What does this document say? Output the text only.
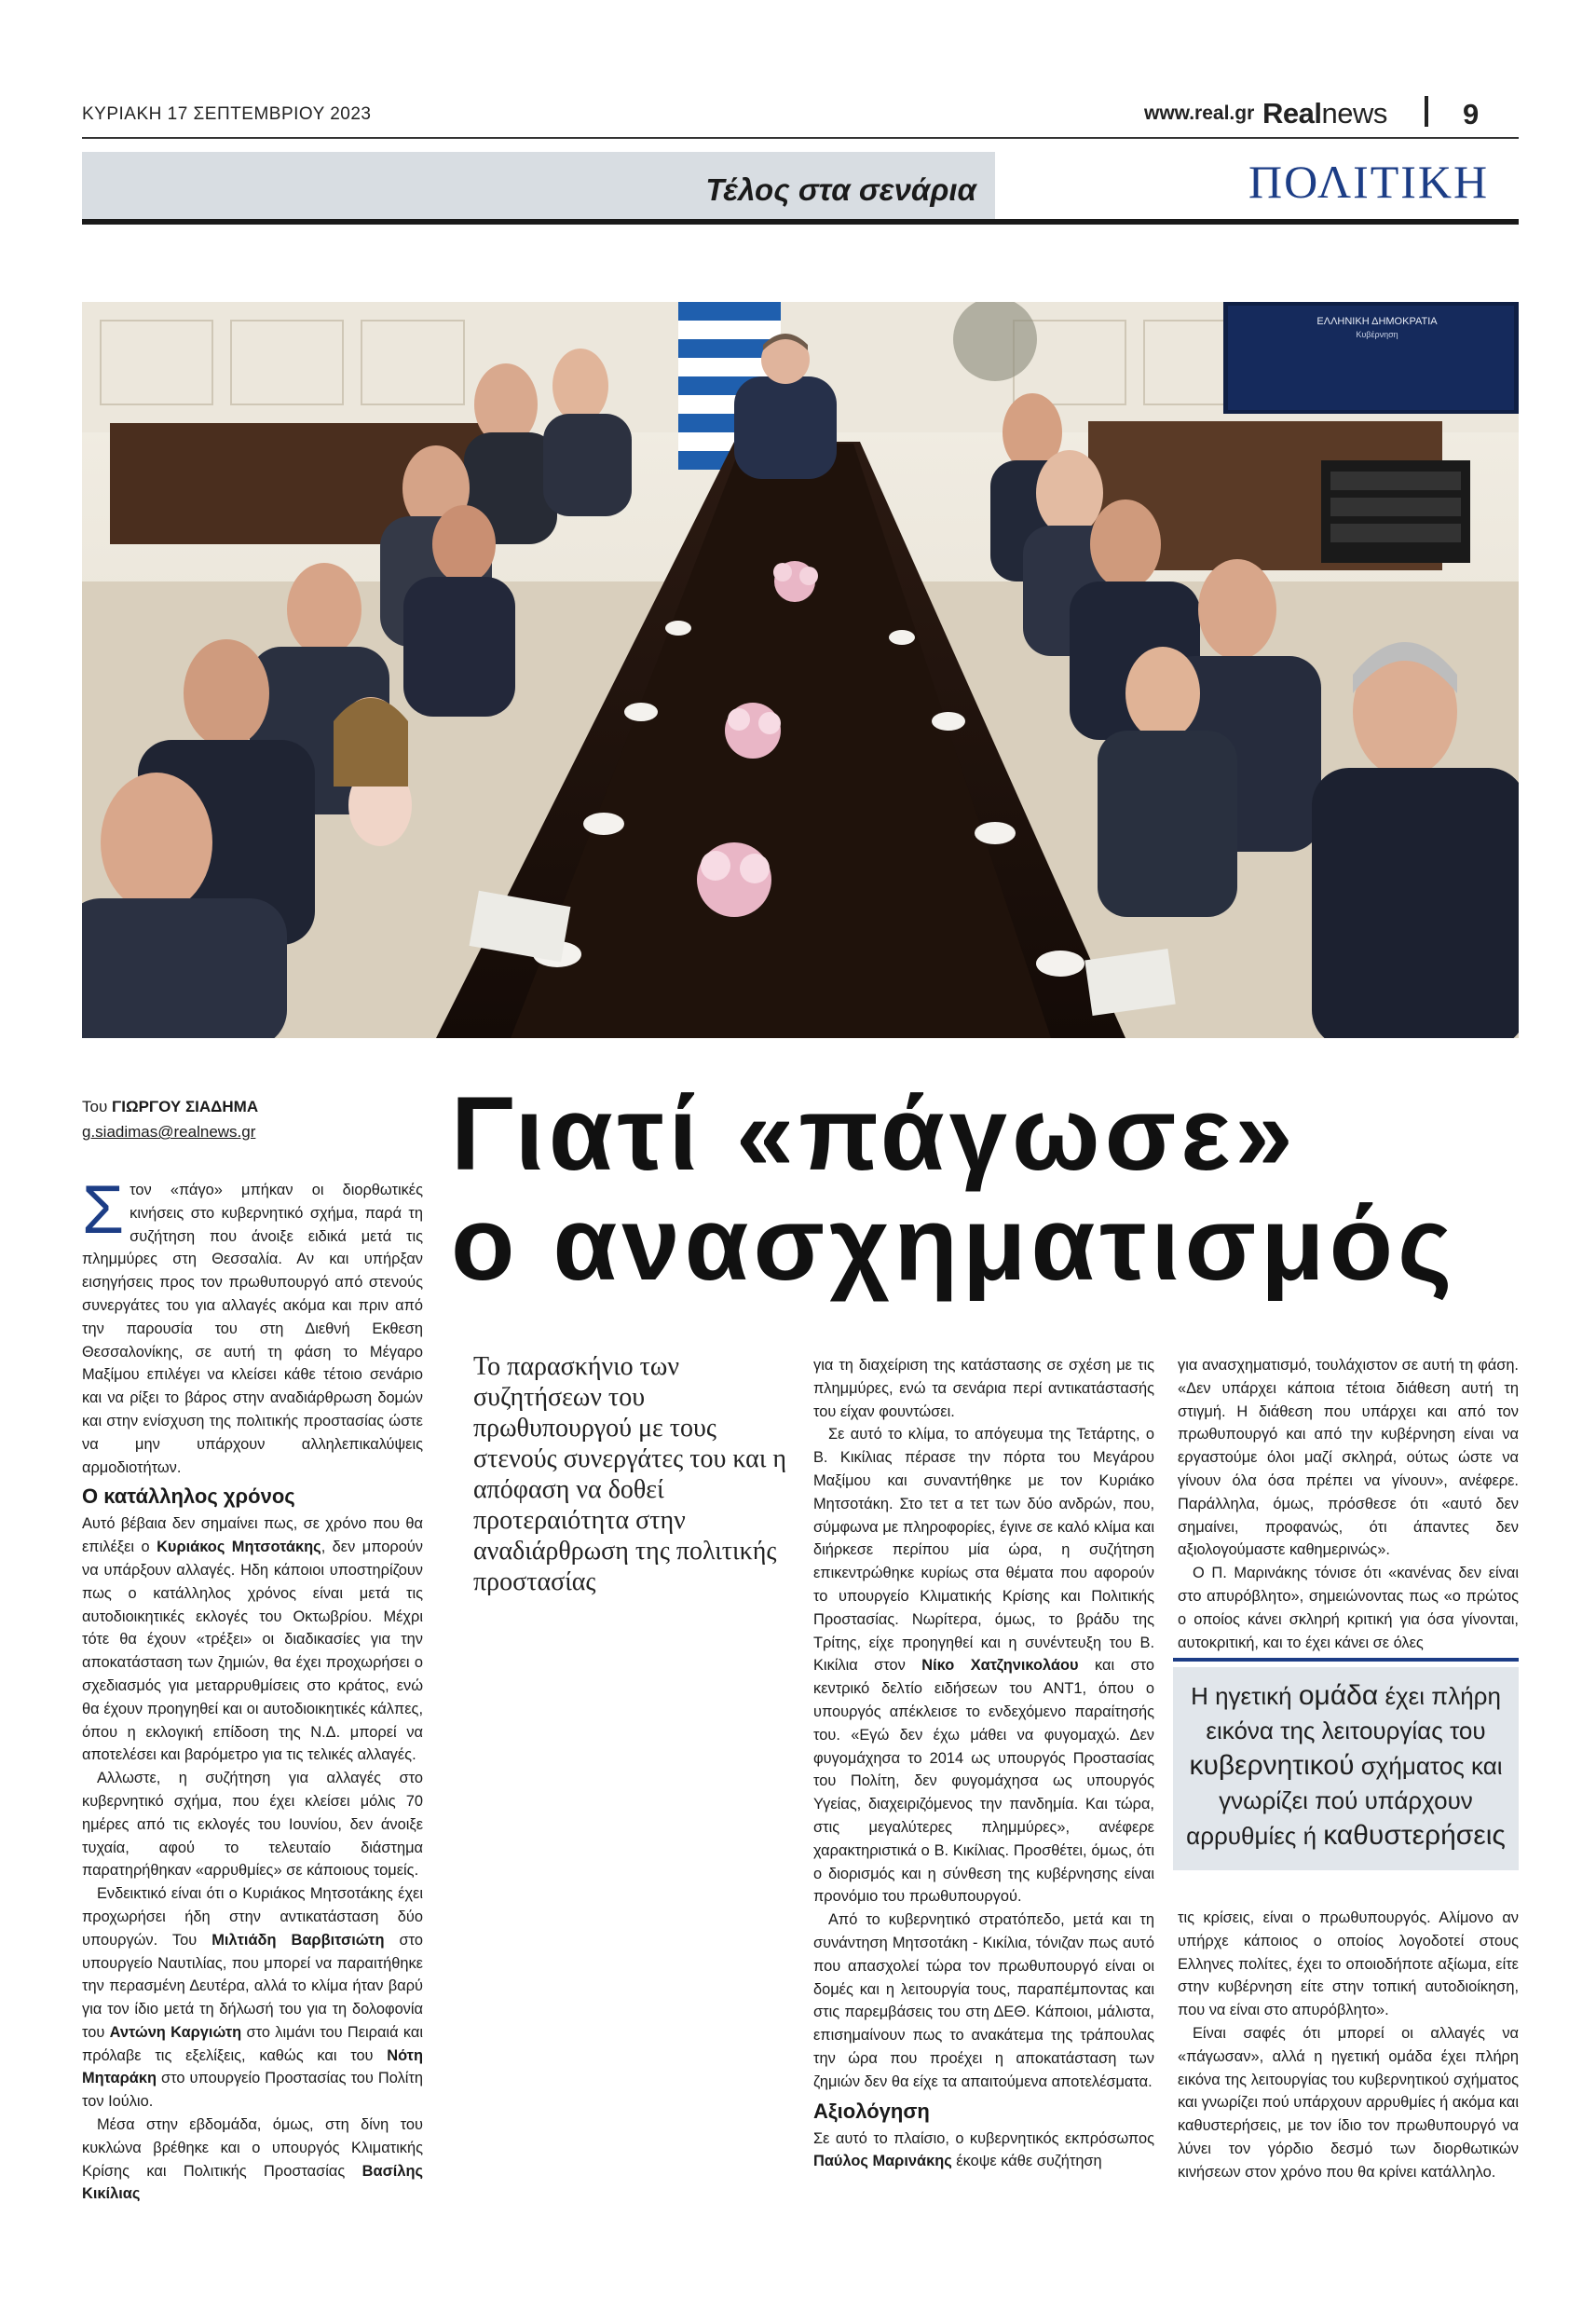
ΚΥΡΙΑΚΗ 17 ΣΕΠΤΕΜΒΡΙΟΥ 2023	www.real.gr Realnews	9
Τέλος στα σενάρια	ΠΟΛΙΤΙΚΗ
ΕΛΛΗΝΙΚΗ ΔΗΜΟΚΡΑΤΙΑ
Κυβέρνηση
Του ΓΙΩΡΓΟΥ ΣΙΑΔΗΜΑ
g.siadimas@realnews.gr Γιατί «πάγωσε»
ο ανασχηματισμός
Το παρασκήνιο των συζητήσεων του πρωθυπουργού με τους στενούς συνεργάτες του και η απόφαση να δοθεί προτεραιότητα στην αναδιάρθρωση της πολιτικής προστασίας

Στον «πάγο» μπήκαν οι διορθωτικές κινήσεις στο κυβερνητικό σχήμα, παρά τη συζήτηση που άνοιξε ειδικά μετά τις πλημμύρες στη Θεσσαλία. Αν και υπήρξαν εισηγήσεις προς τον πρωθυπουργό από στενούς συνεργάτες του για αλλαγές ακόμα και πριν από την παρουσία του στη Διεθνή Εκθεση Θεσσαλονίκης, σε αυτή τη φάση το Μέγαρο Μαξίμου επιλέγει να κλείσει κάθε τέτοιο σενάριο και να ρίξει το βάρος στην αναδιάρθρωση δομών και στην ενίσχυση της πολιτικής προστασίας ώστε να μην υπάρχουν αλληλεπικαλύψεις αρμοδιοτήτων.

Ο κατάλληλος χρόνος

Αυτό βέβαια δεν σημαίνει πως, σε χρόνο που θα επιλέξει ο Κυριάκος Μητσοτάκης, δεν μπορούν να υπάρξουν αλλαγές. Ηδη κάποιοι υποστηρίζουν πως ο κατάλληλος χρόνος είναι μετά τις αυτοδιοικητικές εκλογές του Οκτωβρίου. Μέχρι τότε θα έχουν «τρέξει» οι διαδικασίες για την αποκατάσταση των ζημιών, θα έχει προχωρήσει ο σχεδιασμός για μεταρρυθμίσεις στο κράτος, ενώ θα έχουν προηγηθεί και οι αυτοδιοικητικές κάλπες, όπου η εκλογική επίδοση της Ν.Δ. μπορεί να αποτελέσει και βαρόμετρο για τις τελικές αλλαγές.

Αλλωστε, η συζήτηση για αλλαγές στο κυβερνητικό σχήμα, που έχει κλείσει μόλις 70 ημέρες από τις εκλογές του Ιουνίου, δεν άνοιξε τυχαία, αφού το τελευταίο διάστημα παρατηρήθηκαν «αρρυθμίες» σε κάποιους τομείς.

Ενδεικτικό είναι ότι ο Κυριάκος Μητσοτάκης έχει προχωρήσει ήδη στην αντικατάσταση δύο υπουργών. Του Μιλτιάδη Βαρβιτσιώτη στο υπουργείο Ναυτιλίας, που μπορεί να παραιτήθηκε την περασμένη Δευτέρα, αλλά το κλίμα ήταν βαρύ για τον ίδιο μετά τη δήλωσή του για τη δολοφονία του Αντώνη Καργιώτη στο λιμάνι του Πειραιά και πρόλαβε τις εξελίξεις, καθώς και του Νότη Μηταράκη στο υπουργείο Προστασίας του Πολίτη τον Ιούλιο.

Μέσα στην εβδομάδα, όμως, στη δίνη του κυκλώνα βρέθηκε και ο υπουργός Κλιματικής Κρίσης και Πολιτικής Προστασίας Βασίλης Κικίλιας

για τη διαχείριση της κατάστασης σε σχέση με τις πλημμύρες, ενώ τα σενάρια περί αντικατάστασής του είχαν φουντώσει.

Σε αυτό το κλίμα, το απόγευμα της Τετάρτης, ο Β. Κικίλιας πέρασε την πόρτα του Μεγάρου Μαξίμου και συναντήθηκε με τον Κυριάκο Μητσοτάκη. Στο τετ α τετ των δύο ανδρών, που, σύμφωνα με πληροφορίες, έγινε σε καλό κλίμα και διήρκεσε περίπου μία ώρα, η συζήτηση επικεντρώθηκε κυρίως στα θέματα που αφορούν το υπουργείο Κλιματικής Κρίσης και Πολιτικής Προστασίας. Νωρίτερα, όμως, το βράδυ της Τρίτης, είχε προηγηθεί και η συνέντευξη του Β. Κικίλια στον Νίκο Χατζηνικολάου και στο κεντρικό δελτίο ειδήσεων του ΑΝΤ1, όπου ο υπουργός απέκλεισε το ενδεχόμενο παραίτησής του. «Εγώ δεν έχω μάθει να φυγομαχώ. Δεν φυγομάχησα το 2014 ως υπουργός Προστασίας του Πολίτη, δεν φυγομάχησα ως υπουργός Υγείας, διαχειριζόμενος την πανδημία. Και τώρα, στις μεγαλύτερες πλημμύρες», ανέφερε χαρακτηριστικά ο Β. Κικίλιας. Προσθέτει, όμως, ότι ο διορισμός και η σύνθεση της κυβέρνησης είναι προνόμιο του πρωθυπουργού.

Από το κυβερνητικό στρατόπεδο, μετά και τη συνάντηση Μητσοτάκη - Κικίλια, τόνιζαν πως αυτό που απασχολεί τώρα τον πρωθυπουργό είναι οι δομές και η λειτουργία τους, παραπέμποντας και στις παρεμβάσεις του στη ΔΕΘ. Κάποιοι, μάλιστα, επισημαίνουν πως το ανακάτεμα της τράπουλας την ώρα που προέχει η αποκατάσταση των ζημιών δεν θα είχε τα απαιτούμενα αποτελέσματα.

Αξιολόγηση

Σε αυτό το πλαίσιο, ο κυβερνητικός εκπρόσωπος Παύλος Μαρινάκης έκοψε κάθε συζήτηση

για ανασχηματισμό, τουλάχιστον σε αυτή τη φάση. «Δεν υπάρχει κάποια τέτοια διάθεση αυτή τη στιγμή. Η διάθεση που υπάρχει και από τον πρωθυπουργό και από την κυβέρνηση είναι να εργαστούμε όλοι μαζί σκληρά, ούτως ώστε να γίνουν όλα όσα πρέπει να γίνουν», ανέφερε. Παράλληλα, όμως, πρόσθεσε ότι «αυτό δεν σημαίνει, προφανώς, ότι άπαντες δεν αξιολογούμαστε καθημερινώς».

Ο Π. Μαρινάκης τόνισε ότι «κανένας δεν είναι στο απυρόβλητο», σημειώνοντας πως «ο πρώτος ο οποίος κάνει σκληρή κριτική για όσα γίνονται, αυτοκριτική, και το έχει κάνει σε όλες

Η ηγετική ομάδα έχει πλήρη εικόνα της λειτουργίας του κυβερνητικού σχήματος και γνωρίζει πού υπάρχουν αρρυθμίες ή καθυστερήσεις

τις κρίσεις, είναι ο πρωθυπουργός. Αλίμονο αν υπήρχε κάποιος ο οποίος λογοδοτεί στους Ελληνες πολίτες, έχει το οποιοδήποτε αξίωμα, είτε στην κυβέρνηση είτε στην τοπική αυτοδιοίκηση, που να είναι στο απυρόβλητο».

Είναι σαφές ότι μπορεί οι αλλαγές να «πάγωσαν», αλλά η ηγετική ομάδα έχει πλήρη εικόνα της λειτουργίας του κυβερνητικού σχήματος και γνωρίζει πού υπάρχουν αρρυθμίες ή ακόμα και καθυστερήσεις, με τον ίδιο τον πρωθυπουργό να λύνει τον γόρδιο δεσμό των διορθωτικών κινήσεων στον χρόνο που θα κρίνει κατάλληλο.
